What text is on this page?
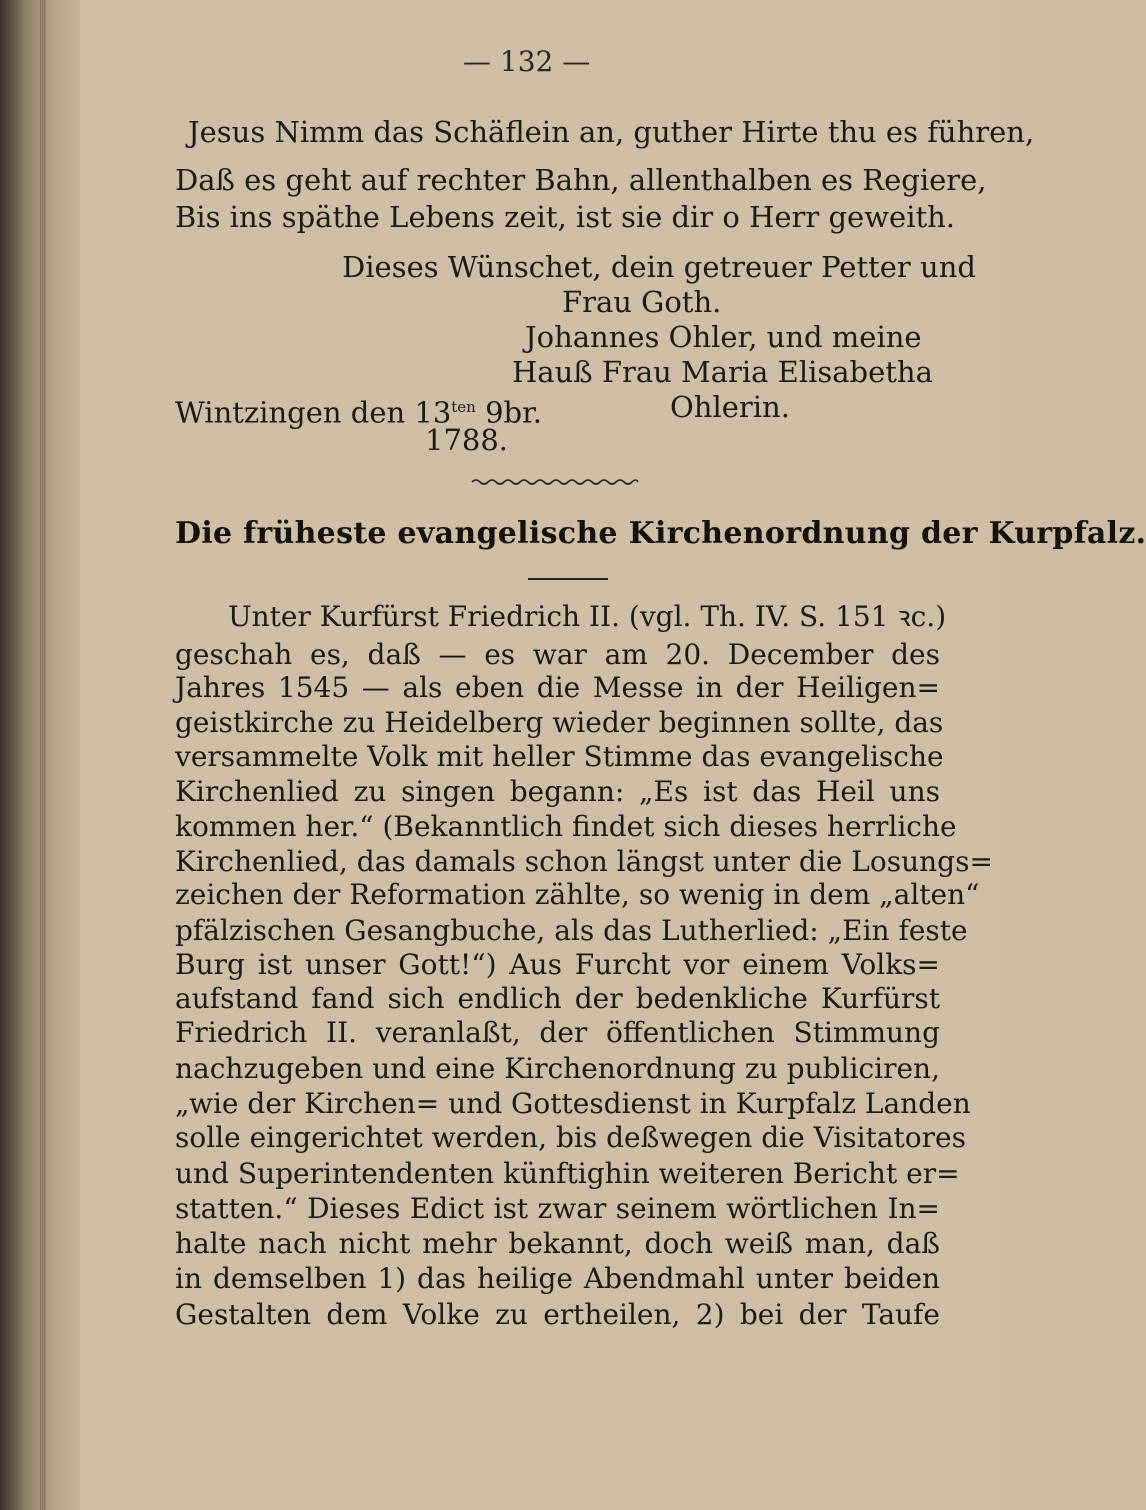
— 132 —
Jesus Nimm das Schäflein an, guther Hirte thu es führen,
Daß es geht auf rechter Bahn, allenthalben es Regiere,
Bis ins späthe Lebens zeit, ist sie dir o Herr geweith.
Dieses Wünschet, dein getreuer Petter und
Frau Goth.
Johannes Ohler, und meine
Hauß Frau Maria Elisabetha
Wintzingen den $13^{ten}$ 9br.	Ohlerin.
1788.
Die früheste evangelische Kirchenordnung der Kurpfalz.
Unter Kurfürst Friedrich II. (vgl. Th. IV. S. 151 ꝛc.)
geschah es, daß — es war am 20. December des
Jahres 1545 — als eben die Messe in der Heiligen=
geistkirche zu Heidelberg wieder beginnen sollte, das
versammelte Volk mit heller Stimme das evangelische
Kirchenlied zu singen begann: „Es ist das Heil uns
kommen her.“ (Bekanntlich findet sich dieses herrliche
Kirchenlied, das damals schon längst unter die Losungs=
zeichen der Reformation zählte, so wenig in dem „alten“
pfälzischen Gesangbuche, als das Lutherlied: „Ein feste
Burg ist unser Gott!“) Aus Furcht vor einem Volks=
aufstand fand sich endlich der bedenkliche Kurfürst
Friedrich II. veranlaßt, der öffentlichen Stimmung
nachzugeben und eine Kirchenordnung zu publiciren,
„wie der Kirchen= und Gottesdienst in Kurpfalz Landen
solle eingerichtet werden, bis deßwegen die Visitatores
und Superintendenten künftighin weiteren Bericht er=
statten.“ Dieses Edict ist zwar seinem wörtlichen In=
halte nach nicht mehr bekannt, doch weiß man, daß
in demselben 1) das heilige Abendmahl unter beiden
Gestalten dem Volke zu ertheilen, 2) bei der Taufe
